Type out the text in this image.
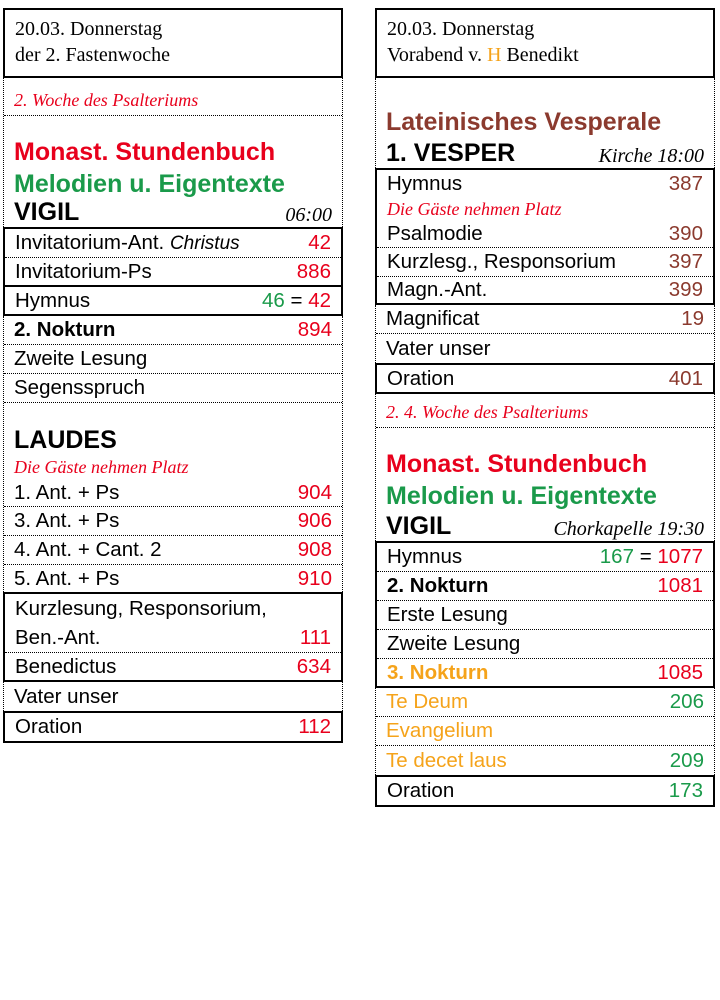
20.03. Donnerstag
der 2. Fastenwoche
2. Woche des Psalteriums
Monast. Stundenbuch
Melodien u. Eigentexte
VIGIL	06:00
Invitatorium-Ant. Christus	42
Invitatorium-Ps	886
Hymnus	46 = 42
2. Nokturn	894
Zweite Lesung
Segensspruch
LAUDES
Die Gäste nehmen Platz
1. Ant. + Ps	904
3. Ant. + Ps	906
4. Ant. + Cant. 2	908
5. Ant. + Ps	910
Kurzlesung, Responsorium,
Ben.-Ant.	111
Benedictus	634
Vater unser
Oration	112
20.03. Donnerstag
Vorabend v. H Benedikt
Lateinisches Vesperale
1. VESPER	Kirche 18:00
Hymnus	387
Die Gäste nehmen Platz
Psalmodie	390
Kurzlesg., Responsorium	397
Magn.-Ant.	399
Magnificat	19
Vater unser
Oration	401
2. 4. Woche des Psalteriums
Monast. Stundenbuch
Melodien u. Eigentexte
VIGIL	Chorkapelle 19:30
Hymnus	167 = 1077
2. Nokturn	1081
Erste Lesung
Zweite Lesung
3. Nokturn	1085
Te Deum	206
Evangelium
Te decet laus	209
Oration	173
